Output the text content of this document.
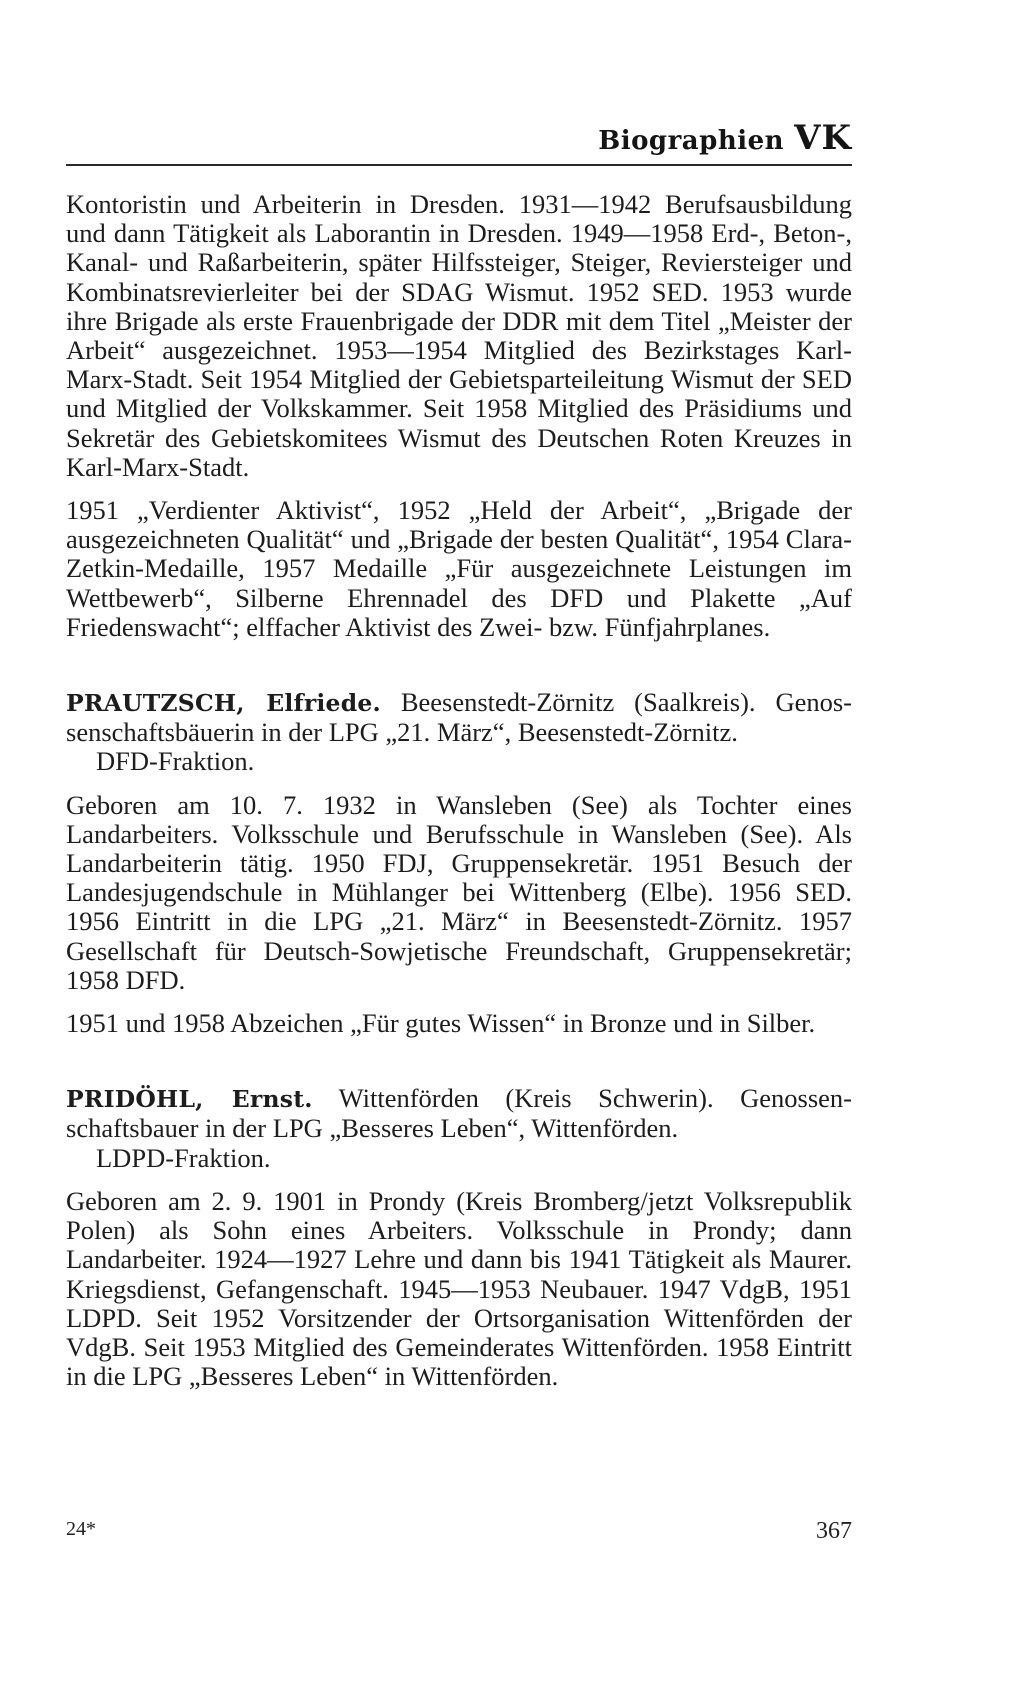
Biographien VK

Kontoristin und Arbeiterin in Dresden. 1931—1942 Berufsausbildung und dann Tätigkeit als Laborantin in Dresden. 1949—1958 Erd-, Beton-, Kanal- und Raßarbeiterin, später Hilfssteiger, Steiger, Reviersteiger und Kombinatsrevierleiter bei der SDAG Wismut. 1952 SED. 1953 wurde ihre Brigade als erste Frauenbrigade der DDR mit dem Titel „Meister der Arbeit“ ausgezeichnet. 1953—1954 Mitglied des Bezirkstages Karl-Marx-Stadt. Seit 1954 Mitglied der Gebietsparteileitung Wismut der SED und Mitglied der Volkskammer. Seit 1958 Mitglied des Präsidiums und Sekretär des Gebietskomitees Wismut des Deutschen Roten Kreuzes in Karl-Marx-Stadt.

1951 „Verdienter Aktivist“, 1952 „Held der Arbeit“, „Brigade der ausgezeichneten Qualität“ und „Brigade der besten Qualität“, 1954 Clara-Zetkin-Medaille, 1957 Medaille „Für ausgezeichnete Leistungen im Wettbewerb“, Silberne Ehrennadel des DFD und Plakette „Auf Friedenswacht“; elffacher Aktivist des Zwei- bzw. Fünfjahrplanes.

PRAUTZSCH, Elfriede. Beesenstedt-Zörnitz (Saalkreis). Genossenschaftsbäuerin in der LPG „21. März“, Beesenstedt-Zörnitz.

DFD-Fraktion.

Geboren am 10. 7. 1932 in Wansleben (See) als Tochter eines Landarbeiters. Volksschule und Berufsschule in Wansleben (See). Als Landarbeiterin tätig. 1950 FDJ, Gruppensekretär. 1951 Besuch der Landesjugendschule in Mühlanger bei Wittenberg (Elbe). 1956 SED. 1956 Eintritt in die LPG „21. März“ in Beesenstedt-Zörnitz. 1957 Gesellschaft für Deutsch-Sowjetische Freundschaft, Gruppensekretär; 1958 DFD.

1951 und 1958 Abzeichen „Für gutes Wissen“ in Bronze und in Silber.

PRIDÖHL, Ernst. Wittenförden (Kreis Schwerin). Genossenschaftsbauer in der LPG „Besseres Leben“, Wittenförden.

LDPD-Fraktion.

Geboren am 2. 9. 1901 in Prondy (Kreis Bromberg/jetzt Volksrepublik Polen) als Sohn eines Arbeiters. Volksschule in Prondy; dann Landarbeiter. 1924—1927 Lehre und dann bis 1941 Tätigkeit als Maurer. Kriegsdienst, Gefangenschaft. 1945—1953 Neubauer. 1947 VdgB, 1951 LDPD. Seit 1952 Vorsitzender der Ortsorganisation Wittenförden der VdgB. Seit 1953 Mitglied des Gemeinderates Wittenförden. 1958 Eintritt in die LPG „Besseres Leben“ in Wittenförden.

24*	367
